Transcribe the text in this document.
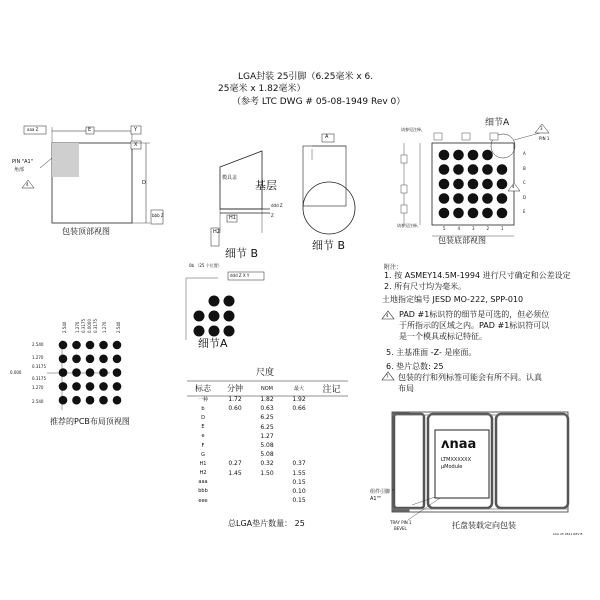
LGA封装 25引脚（6.25毫米 x 6.
25毫米 x 1.82毫米）
（参考 LTC DWG # 05-08-1949 Rev 0）
aaa Z	E	Y
D
X
PIN "A1"
角部
4
bbb Z
包装顶部视图
模具盖
基层
H1
H2
Z
ddd Z
细节 B
细节 B
A
细节A
请参见注释。
请参见注释。
PIN 1
3
4
A
B
C
D
E
5	4	3	2	1
包装底部视图
0b （25 个位置）
ddd Z X Y
细节A
2.540 1.270 0.3175 0.0000 0.3175 1.270 2.540
2.540
1.270
0.3175
0.3175
1.270
2.540
0.000
推荐的PCB布局顶视图
尺度
标志	分钟	NOM	最大	注记
一种	1.72	1.82	1.92	
b	0.60	0.63	0.66	
D		6.25		
E		6.25		
e		1.27		
F		5.08		
G		5.08		
H1	0.27	0.32	0.37	
H2	1.45	1.50	1.55	
aaa			0.15	
bbb			0.10	
eee			0.15	
总LGA垫片数量： 25
附注：
1. 按 ASMEY14.5M-1994 进行尺寸确定和公差设定
2. 所有尺寸均为毫米。
土地指定编号 JESD MO-222, SPP-010
4 PAD #1标识符的细节是可选的，但必须位
于所指示的区域之内。PAD #1标识符可以
是一个模具或标记特征。
5. 主基准面 -Z- 是座面。
6. 垫片总数: 25
7 包装的行和列标签可能会有所不同。认真
布局
ᴧnaa
LTMXXXXXX
μModule
组件引脚 "
A1""
TRAY PIN 1
BEVEL	托盘装载定向包装
LGA 25 0811 REV B
